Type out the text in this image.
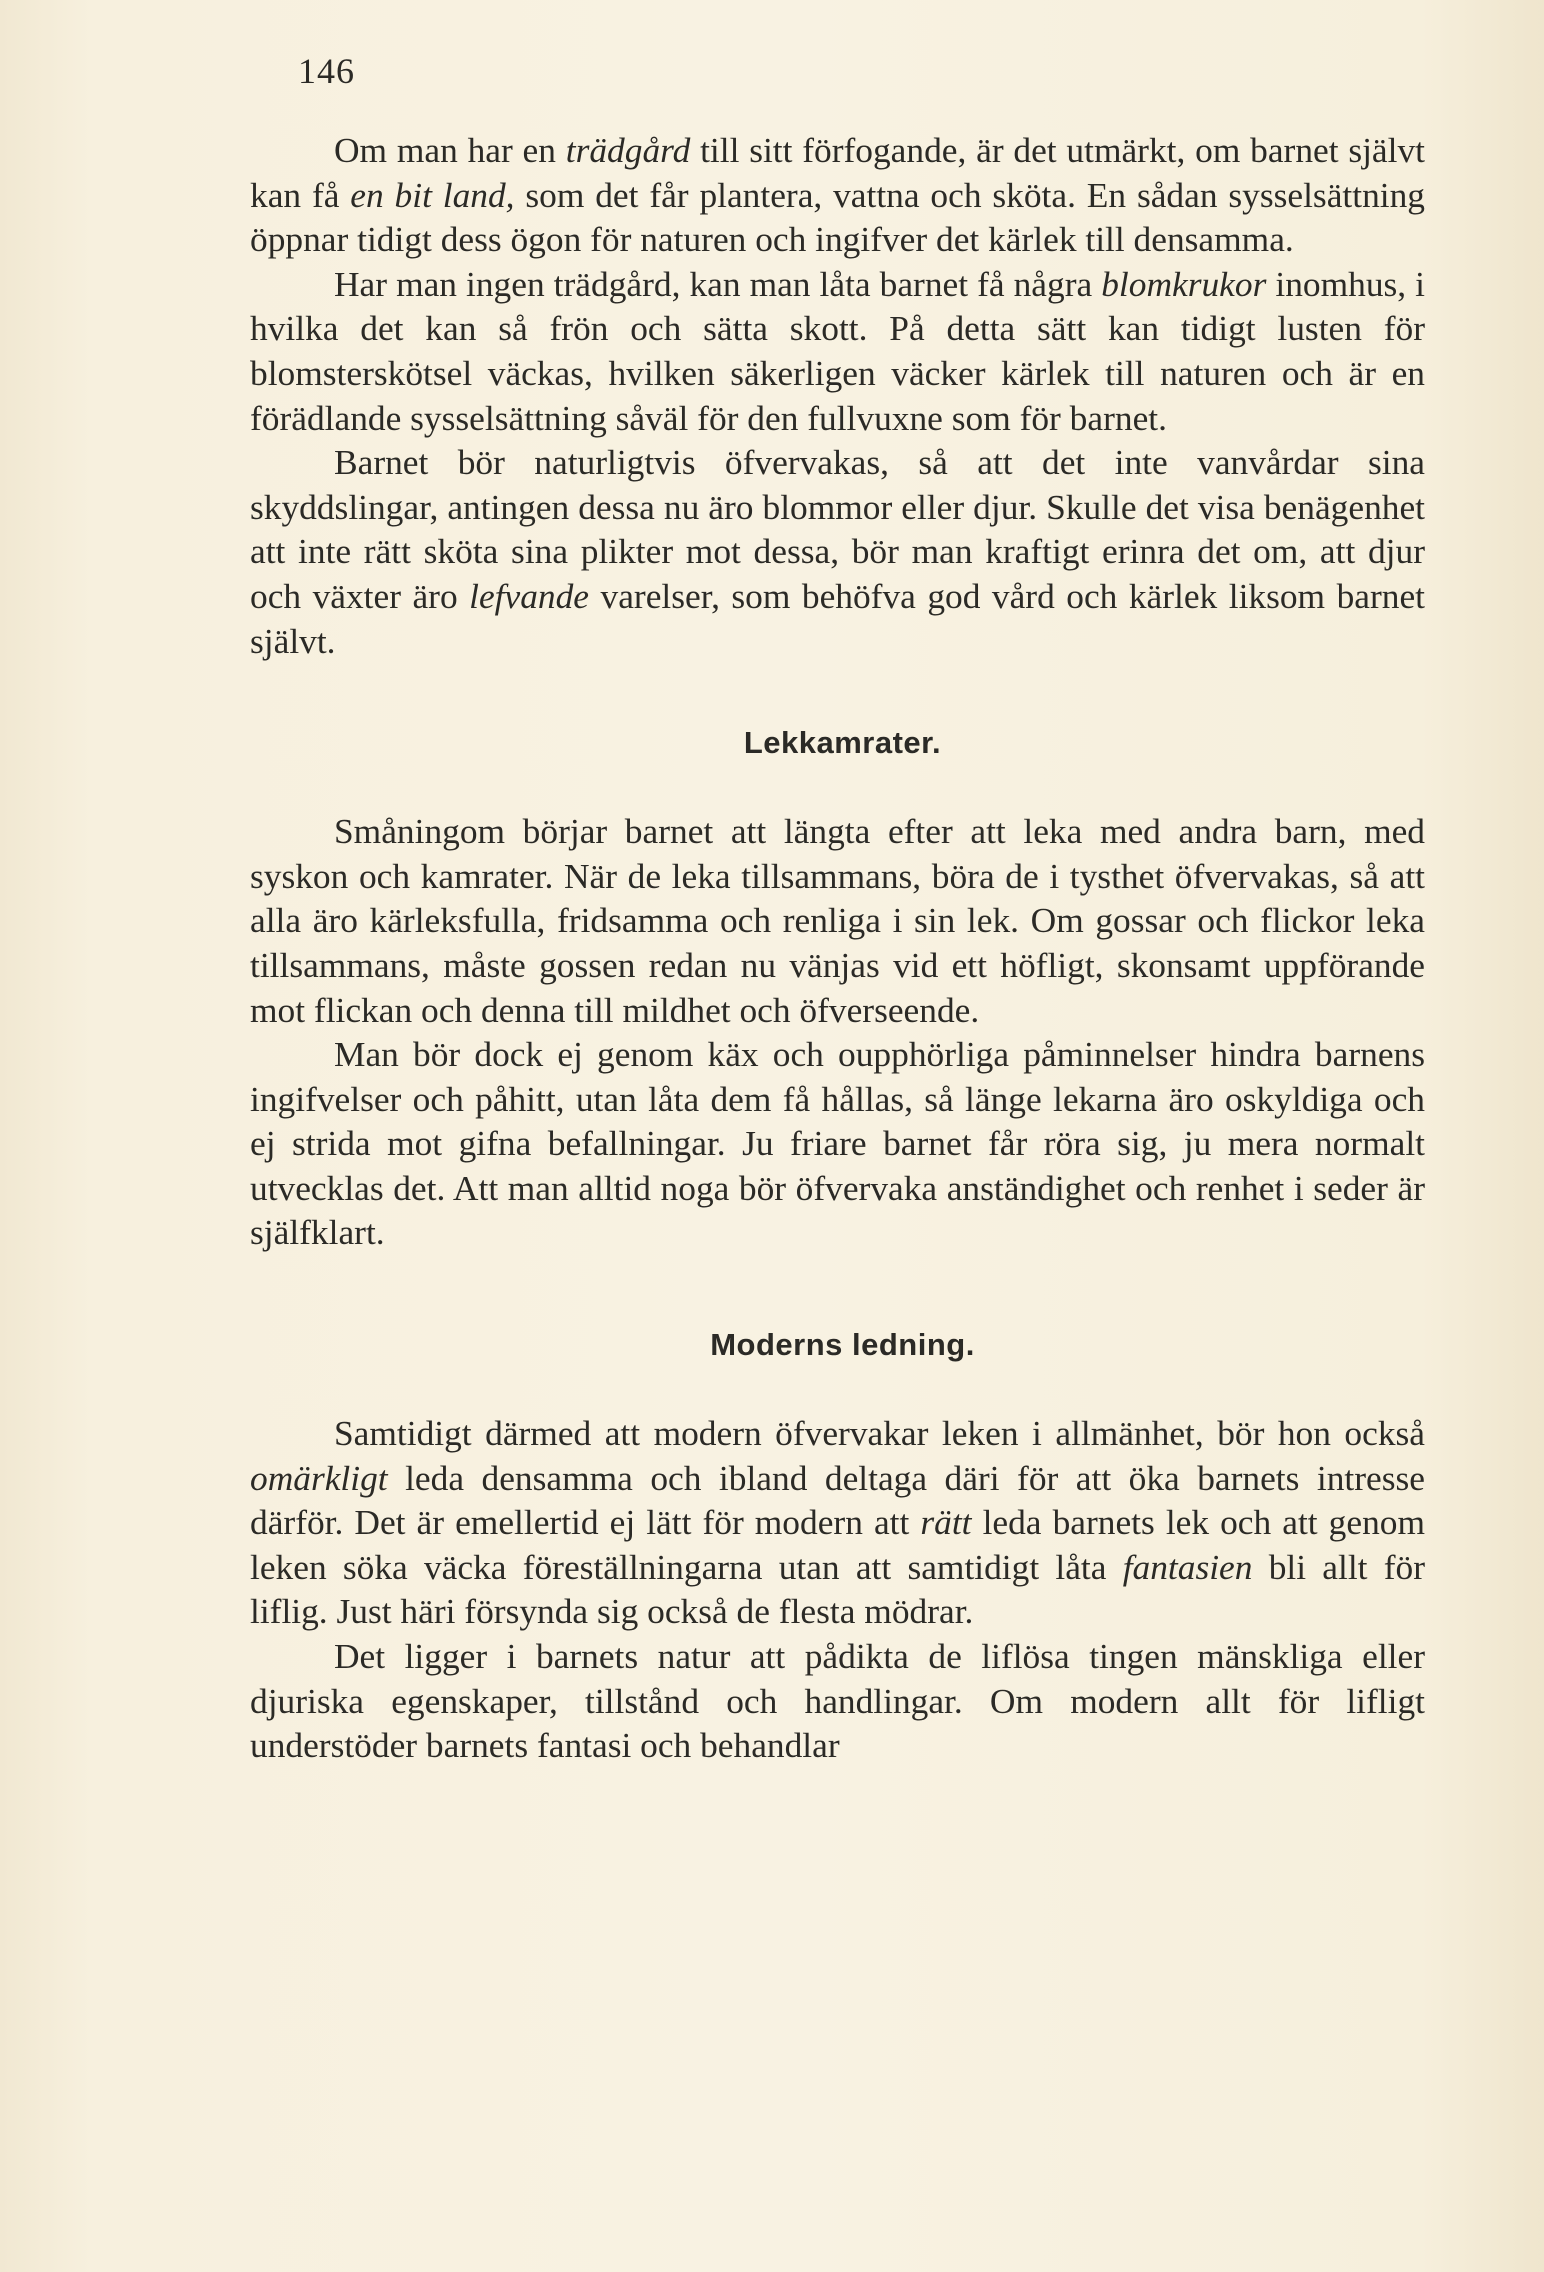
146

Om man har en trädgård till sitt förfogande, är det utmärkt, om barnet självt kan få en bit land, som det får plantera, vattna och sköta. En sådan sysselsättning öppnar tidigt dess ögon för naturen och ingifver det kärlek till densamma.

Har man ingen trädgård, kan man låta barnet få några blomkrukor inomhus, i hvilka det kan så frön och sätta skott. På detta sätt kan tidigt lusten för blomsterskötsel väckas, hvilken säkerligen väcker kärlek till naturen och är en förädlande sysselsättning såväl för den fullvuxne som för barnet.

Barnet bör naturligtvis öfvervakas, så att det inte vanvårdar sina skyddslingar, antingen dessa nu äro blommor eller djur. Skulle det visa benägenhet att inte rätt sköta sina plikter mot dessa, bör man kraftigt erinra det om, att djur och växter äro lefvande varelser, som behöfva god vård och kärlek liksom barnet självt.

Lekkamrater.

Småningom börjar barnet att längta efter att leka med andra barn, med syskon och kamrater. När de leka tillsammans, böra de i tysthet öfvervakas, så att alla äro kärleksfulla, fridsamma och renliga i sin lek. Om gossar och flickor leka tillsammans, måste gossen redan nu vänjas vid ett höfligt, skonsamt uppförande mot flickan och denna till mildhet och öfverseende.

Man bör dock ej genom käx och oupphörliga påminnelser hindra barnens ingifvelser och påhitt, utan låta dem få hållas, så länge lekarna äro oskyldiga och ej strida mot gifna befallningar. Ju friare barnet får röra sig, ju mera normalt utvecklas det. Att man alltid noga bör öfvervaka anständighet och renhet i seder är själfklart.

Moderns ledning.

Samtidigt därmed att modern öfvervakar leken i allmänhet, bör hon också omärkligt leda densamma och ibland deltaga däri för att öka barnets intresse därför. Det är emellertid ej lätt för modern att rätt leda barnets lek och att genom leken söka väcka föreställningarna utan att samtidigt låta fantasien bli allt för liflig. Just häri försynda sig också de flesta mödrar.

Det ligger i barnets natur att pådikta de liflösa tingen mänskliga eller djuriska egenskaper, tillstånd och handlingar. Om modern allt för lifligt understöder barnets fantasi och behandlar
